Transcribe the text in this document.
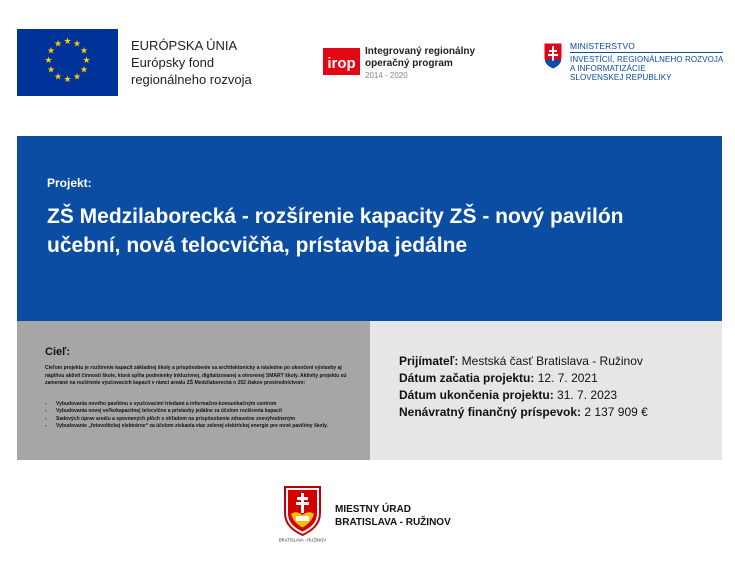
★ ★
★
★
★
★
★
★
★
★
★
★	EURÓPSKA ÚNIA
Európsky fond
regionálneho rozvoja
irop
Integrovaný regionálny
operačný program
2014 - 2020
MINISTERSTVO
INVESTÍCIÍ, REGIONÁLNEHO ROZVOJA
A INFORMATIZÁCIE
SLOVENSKEJ REPUBLIKY
Projekt:
ZŠ Medzilaborecká - rozšírenie kapacity ZŠ - nový pavilón učební, nová telocvičňa, prístavba jedálne
Cieľ:
Cieľom projektu je rozšírenie kapacít základnej školy a prispôsobenie sa architektonicky a následne po ukončení výstavby aj náplňou aktivít činnosti škole, ktorá spĺňa podmienky inkluzívnej, digitalizovanej a otvorenej SMART školy. Aktivity projektu sú zamerané na rozšírenie vyučovacích kapacít v rámci areálu ZŠ Medzilaborecká o 252 žiakov prostredníctvom:
- Vybudovania nového pavilónu s vyučovacími triedami a informačno-komunikačným centrom
- Vybudovania novej veľkokapacitnej telocvične a prístavby jedálne za účelom rozšírenia kapacít
- Sadových úprav areálu a spevnených plôch s ohľadom na prispôsobenie zdravotne znevýhodneným
- Vybudovanie „fotovoltickej elektrárne“ za účelom získania viac zelenej elektrickej energie pre nové pavilóny školy.
Prijímateľ: Mestská časť Bratislava - Ružinov
Dátum začatia projektu: 12. 7. 2021
Dátum ukončenia projektu: 31. 7. 2023
Nenávratný finančný príspevok: 2 137 909 €
BRATISLAVA - RUŽINOV
MIESTNY ÚRAD
BRATISLAVA - RUŽINOV
